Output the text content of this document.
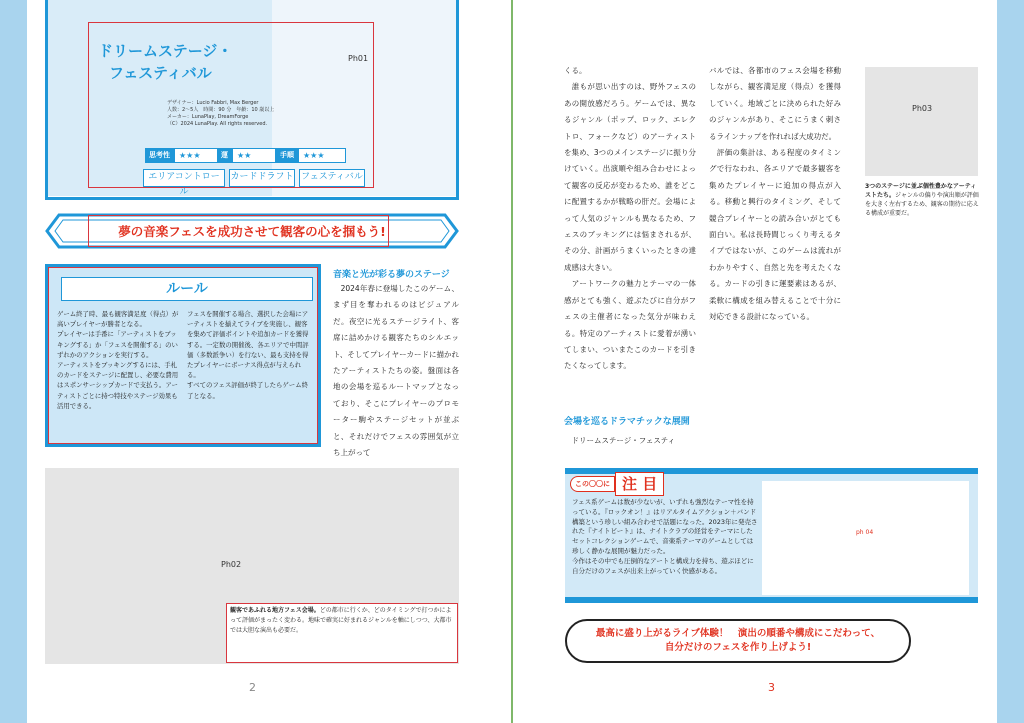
Ph01
ドリームステージ・
フェスティバル
デザイナー：Lucio Fabbri, Max Berger
人数：2〜5人　時間：90 分　年齢：10 歳以上　メーカー：LunaPlay, DreamForge
（C）2024 LunaPlay. All rights reserved.
思考性	★★★	運	★★	手順	★★★
エリアコントロール
カードドラフト フェスティバル
夢の音楽フェスを成功させて観客の心を掴もう!
ルール
ゲーム終了時、最も観客満足度（得点）が高いプレイヤーが勝者となる。
プレイヤーは手番に「アーティストをブッキングする」か「フェスを開催する」のいずれかのアクションを実行する。
アーティストをブッキングするには、手札のカードをステージに配置し、必要な費用はスポンサーシップカードで支払う。アーティストごとに持つ特技やステージ効果も活用できる。
フェスを開催する場合、選択した会場にアーティストを揃えてライブを実施し、観客を集めて評価ポイントや追加カードを獲得する。一定数の開催後、各エリアで中間評価（多数派争い）を行ない、最も支持を得たプレイヤーにボーナス得点が与えられる。
すべてのフェス評価が終了したらゲーム終了となる。
音楽と光が彩る夢のステージ
　2024年春に登場したこのゲーム、まず目を奪われるのはビジュアルだ。夜空に光るステージライト、客席に詰めかける観客たちのシルエット、そしてプレイヤーカードに描かれたアーティストたちの姿。盤面は各地の会場を巡るルートマップとなっており、そこにプレイヤーのプロモーター駒やステージセットが並ぶと、それだけでフェスの雰囲気が立ち上がって
Ph02
観客であふれる地方フェス会場。どの都市に行くか、どのタイミングで打つかによって評価がまったく変わる。地味で確実に好まれるジャンルを軸にしつつ、大都市では大胆な演出も必要だ。
2
くる。
　誰もが思い出すのは、野外フェスのあの開放感だろう。ゲームでは、異なるジャンル（ポップ、ロック、エレクトロ、フォークなど）のアーティストを集め、3つのメインステージに振り分けていく。出演順や組み合わせによって観客の反応が変わるため、誰をどこに配置するかが戦略の肝だ。会場によって人気のジャンルも異なるため、フェスのブッキングには悩まされるが、その分、計画がうまくいったときの達成感は大きい。
　アートワークの魅力とテーマの一体感がとても強く、遊ぶたびに自分がフェスの主催者になった気分が味わえる。特定のアーティストに愛着が湧いてしまい、ついまたこのカードを引きたくなってします。
会場を巡るドラマチックな展開
　ドリームステージ・フェスティ
バルでは、各都市のフェス会場を移動しながら、観客満足度（得点）を獲得していく。地域ごとに決められた好みのジャンルがあり、そこにうまく刺さるラインナップを作れれば大成功だ。
　評価の集計は、ある程度のタイミングで行なわれ、各エリアで最多観客を集めたプレイヤーに追加の得点が入る。移動と興行のタイミング、そして競合プレイヤーとの読み合いがとても面白い。私は長時間じっくり考えるタイプではないが、このゲームは流れがわかりやすく、自然と先を考えたくなる。カードの引きに運要素はあるが、柔軟に構成を組み替えることで十分に対応できる設計になっている。
Ph03
3つのステージに並ぶ個性豊かなアーティストたち。ジャンルの偏りや演出順が評価を大きく左右するため、観客の期待に応える構成が重要だ。
この〇〇に 注 目
フェス系ゲームは数が少ないが、いずれも強烈なテーマ性を持っている。『ロックオン！』はリアルタイムアクション＋バンド構築という珍しい組み合わせで話題になった。2023年に発売された『ナイトビート』は、ナイトクラブの経営をテーマにしたセットコレクションゲームで、音楽系テーマのゲームとしては珍しく静かな展開が魅力だった。
今作はその中でも圧倒的なアートと構成力を持ち、遊ぶほどに自分だけのフェスが出来上がっていく快感がある。
ph 04
最高に盛り上がるライブ体験！　演出の順番や構成にこだわって、
自分だけのフェスを作り上げよう!
3
